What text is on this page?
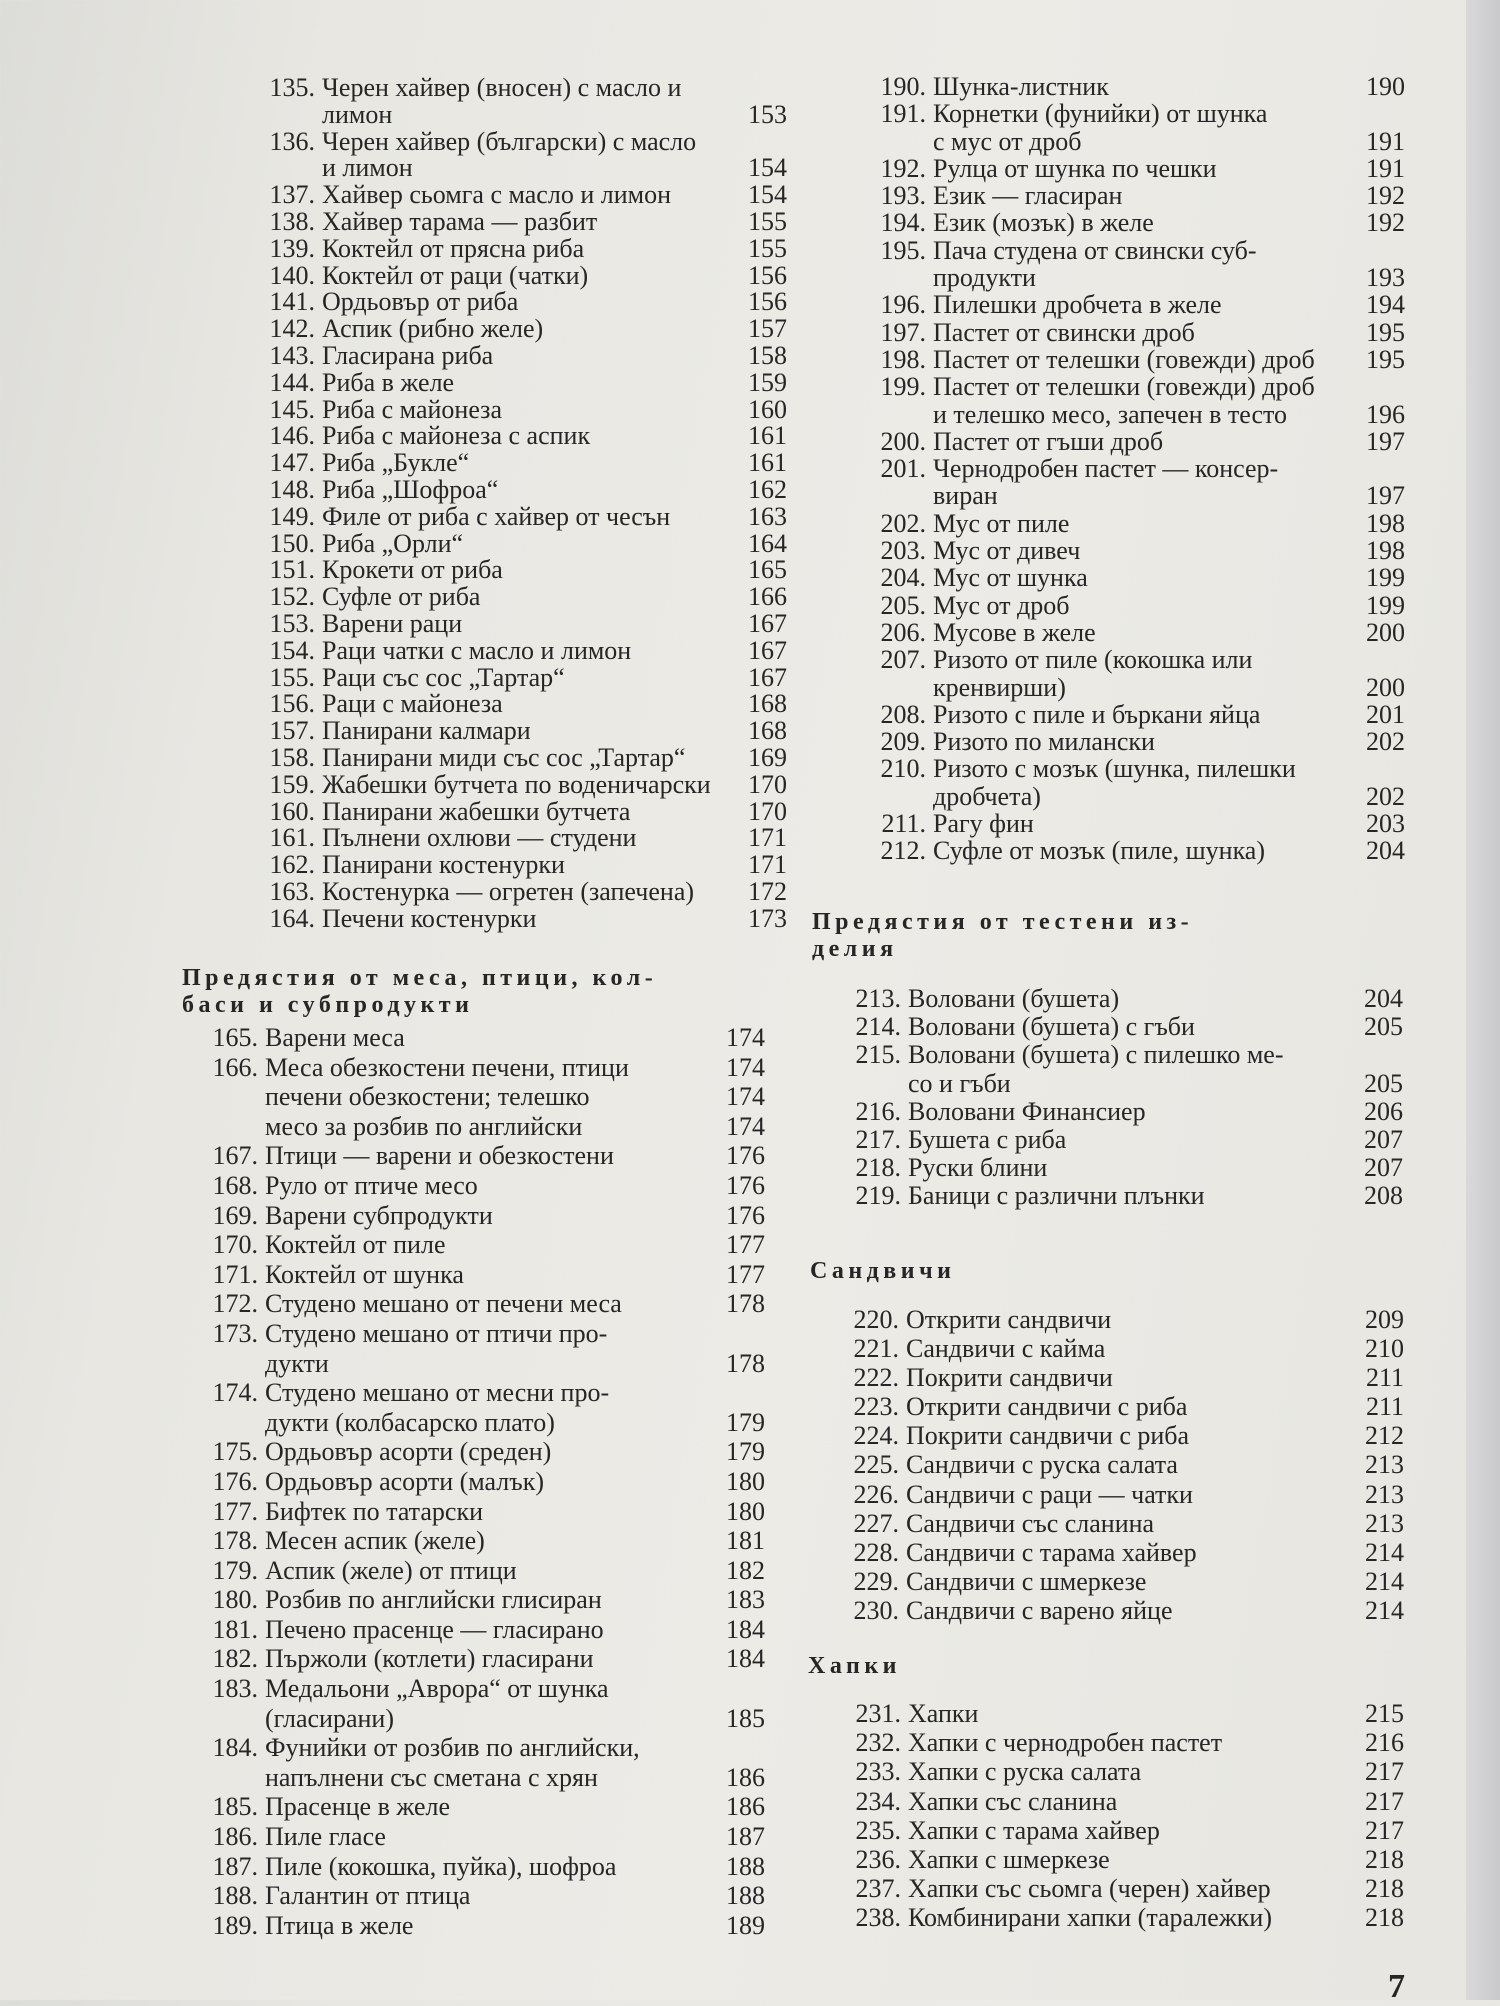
135. Черен хайвер (вносен) с масло и
лимон	153
136. Черен хайвер (български) с масло
и лимон	154
137. Хайвер сьомга с масло и лимон	154
138. Хайвер тарама — разбит	155
139. Коктейл от прясна риба	155
140. Коктейл от раци (чатки)	156
141. Ордьовър от риба	156
142. Аспик (рибно желе)	157
143. Гласирана риба	158
144. Риба в желе	159
145. Риба с майонеза	160
146. Риба с майонеза с аспик	161
147. Риба „Букле“	161
148. Риба „Шофроа“	162
149. Филе от риба с хайвер от чесън	163
150. Риба „Орли“	164
151. Крокети от риба	165
152. Суфле от риба	166
153. Варени раци	167
154. Раци чатки с масло и лимон	167
155. Раци със сос „Тартар“	167
156. Раци с майонеза	168
157. Панирани калмари	168
158. Панирани миди със сос „Тартар“	169
159. Жабешки бутчета по воденичарски	170
160. Панирани жабешки бутчета	170
161. Пълнени охлюви — студени	171
162. Панирани костенурки	171
163. Костенурка — огретен (запечена)	172
164. Печени костенурки	173
Предястия от меса, птици, кол-
баси и субпродукти
165. Варени меса	174
166. Меса обезкостени печени, птици	174
печени обезкостени; телешко	174
месо за розбив по английски	174
167. Птици — варени и обезкостени	176
168. Руло от птиче месо	176
169. Варени субпродукти	176
170. Коктейл от пиле	177
171. Коктейл от шунка	177
172. Студено мешано от печени меса	178
173. Студено мешано от птичи про-
дукти	178
174. Студено мешано от месни про-
дукти (колбасарско плато)	179
175. Ордьовър асорти (среден)	179
176. Ордьовър асорти (малък)	180
177. Бифтек по татарски	180
178. Месен аспик (желе)	181
179. Аспик (желе) от птици	182
180. Розбив по английски глисиран	183
181. Печено прасенце — гласирано	184
182. Пържоли (котлети) гласирани	184
183. Медальони „Аврора“ от шунка
(гласирани)	185
184. Фунийки от розбив по английски,
напълнени със сметана с хрян	186
185. Прасенце в желе	186
186. Пиле гласе	187
187. Пиле (кокошка, пуйка), шофроа	188
188. Галантин от птица	188
189. Птица в желе	189
190. Шунка-листник	190
191. Корнетки (фунийки) от шунка
с мус от дроб	191
192. Рулца от шунка по чешки	191
193. Език — гласиран	192
194. Език (мозък) в желе	192
195. Пача студена от свински суб-
продукти	193
196. Пилешки дробчета в желе	194
197. Пастет от свински дроб	195
198. Пастет от телешки (говежди) дроб	195
199. Пастет от телешки (говежди) дроб
и телешко месо, запечен в тесто	196
200. Пастет от гъши дроб	197
201. Чернодробен пастет — консер-
виран	197
202. Мус от пиле	198
203. Мус от дивеч	198
204. Мус от шунка	199
205. Мус от дроб	199
206. Мусове в желе	200
207. Ризото от пиле (кокошка или
кренвирши)	200
208. Ризото с пиле и бъркани яйца	201
209. Ризото по милански	202
210. Ризото с мозък (шунка, пилешки
дробчета)	202
211. Рагу фин	203
212. Суфле от мозък (пиле, шунка)	204
Предястия от тестени из-
делия
213. Воловани (бушета)	204
214. Воловани (бушета) с гъби	205
215. Воловани (бушета) с пилешко ме-
со и гъби	205
216. Воловани Финансиер	206
217. Бушета с риба	207
218. Руски блини	207
219. Баници с различни плънки	208
Сандвичи
220. Открити сандвичи	209
221. Сандвичи с кайма	210
222. Покрити сандвичи	211
223. Открити сандвичи с риба	211
224. Покрити сандвичи с риба	212
225. Сандвичи с руска салата	213
226. Сандвичи с раци — чатки	213
227. Сандвичи със сланина	213
228. Сандвичи с тарама хайвер	214
229. Сандвичи с шмеркезе	214
230. Сандвичи с варено яйце	214
Хапки
231. Хапки	215
232. Хапки с чернодробен пастет	216
233. Хапки с руска салата	217
234. Хапки със сланина	217
235. Хапки с тарама хайвер	217
236. Хапки с шмеркезе	218
237. Хапки със сьомга (черен) хайвер	218
238. Комбинирани хапки (таралежки)	218
7
